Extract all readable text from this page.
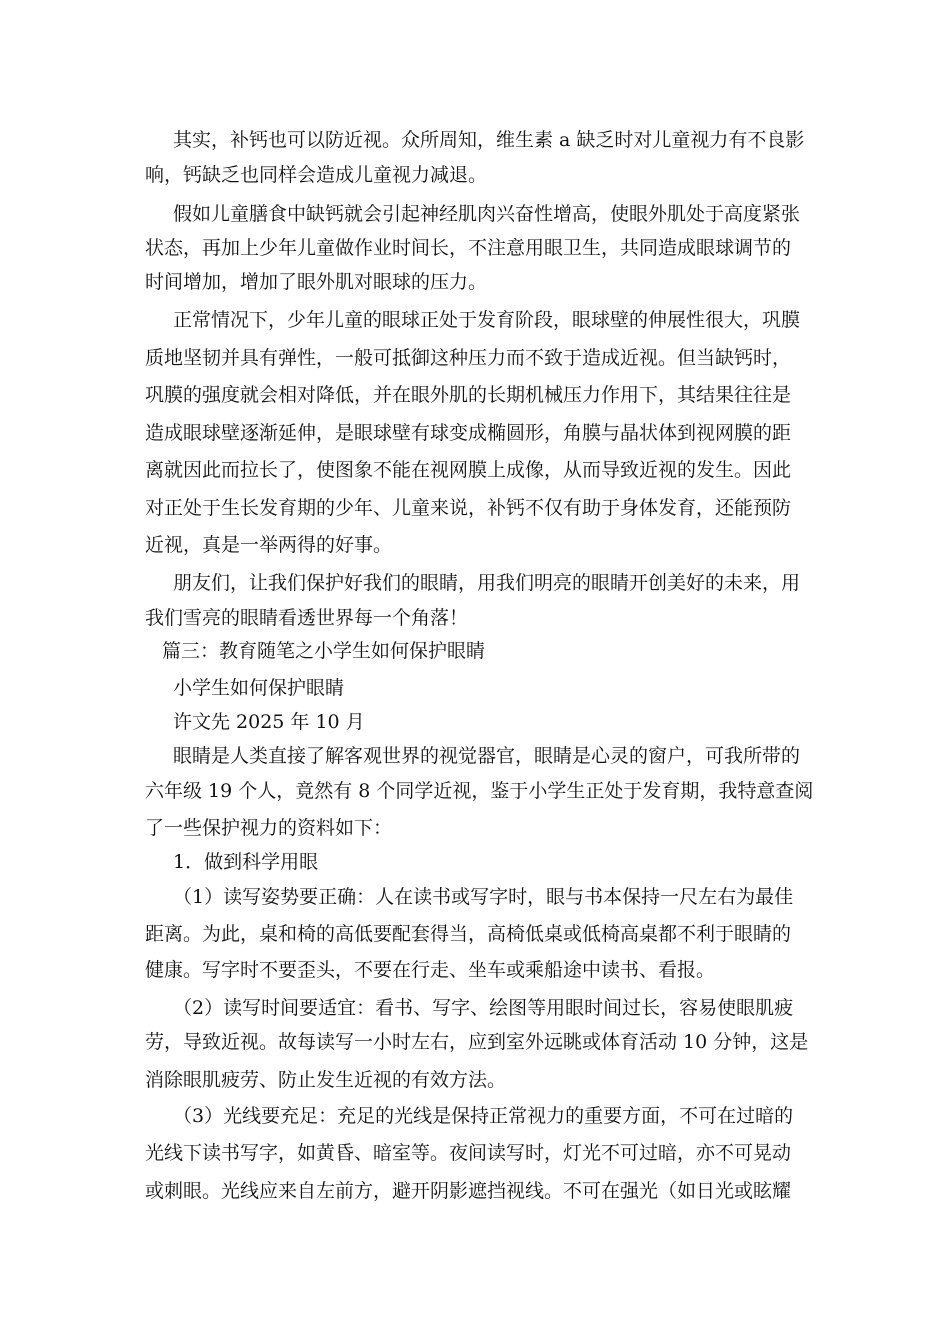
其实，补钙也可以防近视。众所周知，维生素 a 缺乏时对儿童视力有不良影
响，钙缺乏也同样会造成儿童视力减退。
假如儿童膳食中缺钙就会引起神经肌肉兴奋性增高，使眼外肌处于高度紧张
状态，再加上少年儿童做作业时间长，不注意用眼卫生，共同造成眼球调节的
时间增加，增加了眼外肌对眼球的压力。
正常情况下，少年儿童的眼球正处于发育阶段，眼球壁的伸展性很大，巩膜
质地坚韧并具有弹性，一般可抵御这种压力而不致于造成近视。但当缺钙时，
巩膜的强度就会相对降低，并在眼外肌的长期机械压力作用下，其结果往往是
造成眼球壁逐渐延伸，是眼球壁有球变成椭圆形，角膜与晶状体到视网膜的距
离就因此而拉长了，使图象不能在视网膜上成像，从而导致近视的发生。因此
对正处于生长发育期的少年、儿童来说，补钙不仅有助于身体发育，还能预防
近视，真是一举两得的好事。
朋友们，让我们保护好我们的眼睛，用我们明亮的眼睛开创美好的未来，用
我们雪亮的眼睛看透世界每一个角落！
篇三：教育随笔之小学生如何保护眼睛
小学生如何保护眼睛
许文先 2025 年 10 月
眼睛是人类直接了解客观世界的视觉器官，眼睛是心灵的窗户，可我所带的
六年级 19 个人，竟然有 8 个同学近视，鉴于小学生正处于发育期，我特意查阅
了一些保护视力的资料如下：
1．做到科学用眼
（1）读写姿势要正确：人在读书或写字时，眼与书本保持一尺左右为最佳
距离。为此，桌和椅的高低要配套得当，高椅低桌或低椅高桌都不利于眼睛的
健康。写字时不要歪头，不要在行走、坐车或乘船途中读书、看报。
（2）读写时间要适宜：看书、写字、绘图等用眼时间过长，容易使眼肌疲
劳，导致近视。故每读写一小时左右，应到室外远眺或体育活动 10 分钟，这是
消除眼肌疲劳、防止发生近视的有效方法。
（3）光线要充足：充足的光线是保持正常视力的重要方面，不可在过暗的
光线下读书写字，如黄昏、暗室等。夜间读写时，灯光不可过暗，亦不可晃动
或刺眼。光线应来自左前方，避开阴影遮挡视线。不可在强光（如日光或眩耀
